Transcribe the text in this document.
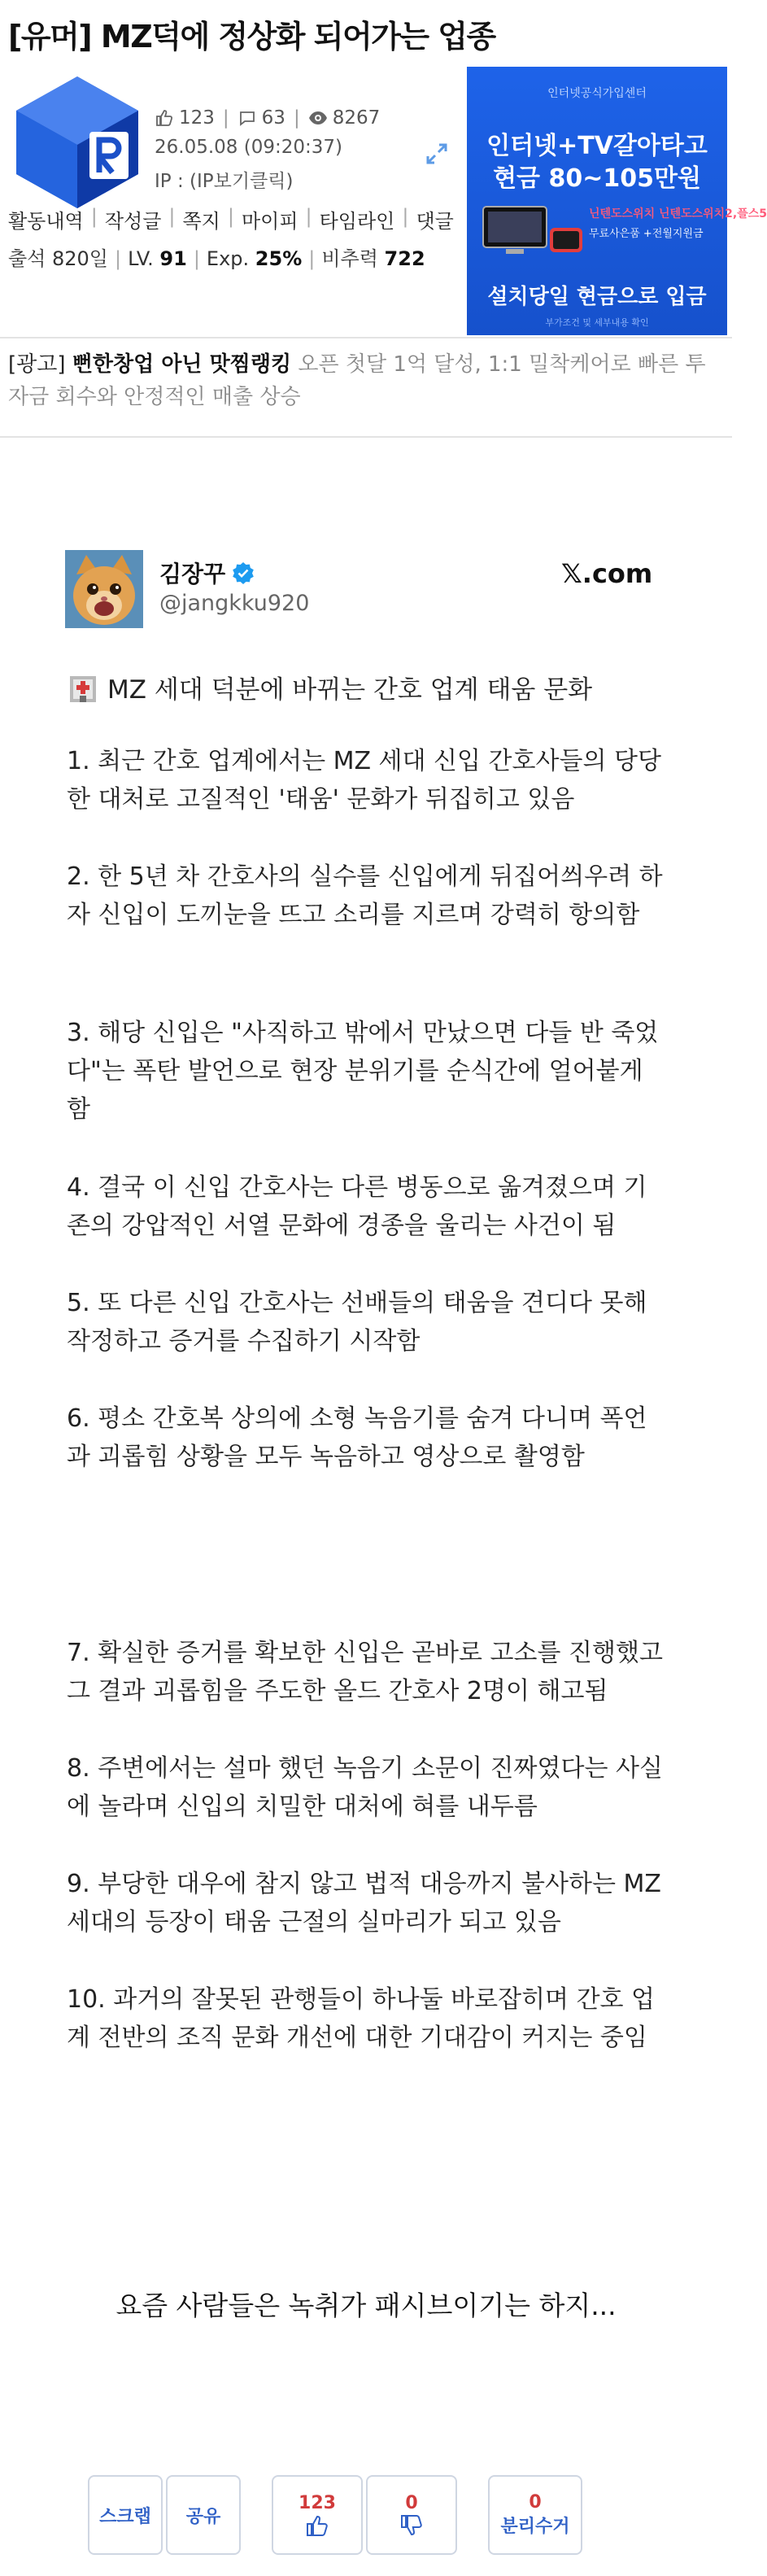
[유머] MZ덕에 정상화 되어가는 업종
123 | 63 | 8267
26.05.08 (09:20:37)
IP : (IP보기클릭)
활동내역 | 작성글 | 쪽지 | 마이피 | 타임라인 | 댓글
출석 820일 | LV. 91 | Exp. 25% | 비추력 722
인터넷공식가입센터
인터넷+TV갈아타고
현금 80~105만원
닌텐도스위치 닌텐도스위치2,플스5
무료사은품 +전월지원금
설치당일 현금으로 입금
부가조건 및 세부내용 확인
[광고] 뻔한창업 아닌 맛찜랭킹 오픈 첫달 1억 달성, 1:1 밀착케어로 빠른 투자금 회수와 안정적인 매출 상승
김장꾸
@jangkku920
𝕏.com
MZ 세대 덕분에 바뀌는 간호 업계 태움 문화
1. 최근 간호 업계에서는 MZ 세대 신입 간호사들의 당당한 대처로 고질적인 '태움' 문화가 뒤집히고 있음
2. 한 5년 차 간호사의 실수를 신입에게 뒤집어씌우려 하자 신입이 도끼눈을 뜨고 소리를 지르며 강력히 항의함
3. 해당 신입은 "사직하고 밖에서 만났으면 다들 반 죽었다"는 폭탄 발언으로 현장 분위기를 순식간에 얼어붙게 함
4. 결국 이 신입 간호사는 다른 병동으로 옮겨졌으며 기존의 강압적인 서열 문화에 경종을 울리는 사건이 됨
5. 또 다른 신입 간호사는 선배들의 태움을 견디다 못해 작정하고 증거를 수집하기 시작함
6. 평소 간호복 상의에 소형 녹음기를 숨겨 다니며 폭언과 괴롭힘 상황을 모두 녹음하고 영상으로 촬영함
7. 확실한 증거를 확보한 신입은 곧바로 고소를 진행했고 그 결과 괴롭힘을 주도한 올드 간호사 2명이 해고됨
8. 주변에서는 설마 했던 녹음기 소문이 진짜였다는 사실에 놀라며 신입의 치밀한 대처에 혀를 내두름
9. 부당한 대우에 참지 않고 법적 대응까지 불사하는 MZ 세대의 등장이 태움 근절의 실마리가 되고 있음
10. 과거의 잘못된 관행들이 하나둘 바로잡히며 간호 업계 전반의 조직 문화 개선에 대한 기대감이 커지는 중임
요즘 사람들은 녹취가 패시브이기는 하지...
스크랩 공유
123	0	0
분리수거
